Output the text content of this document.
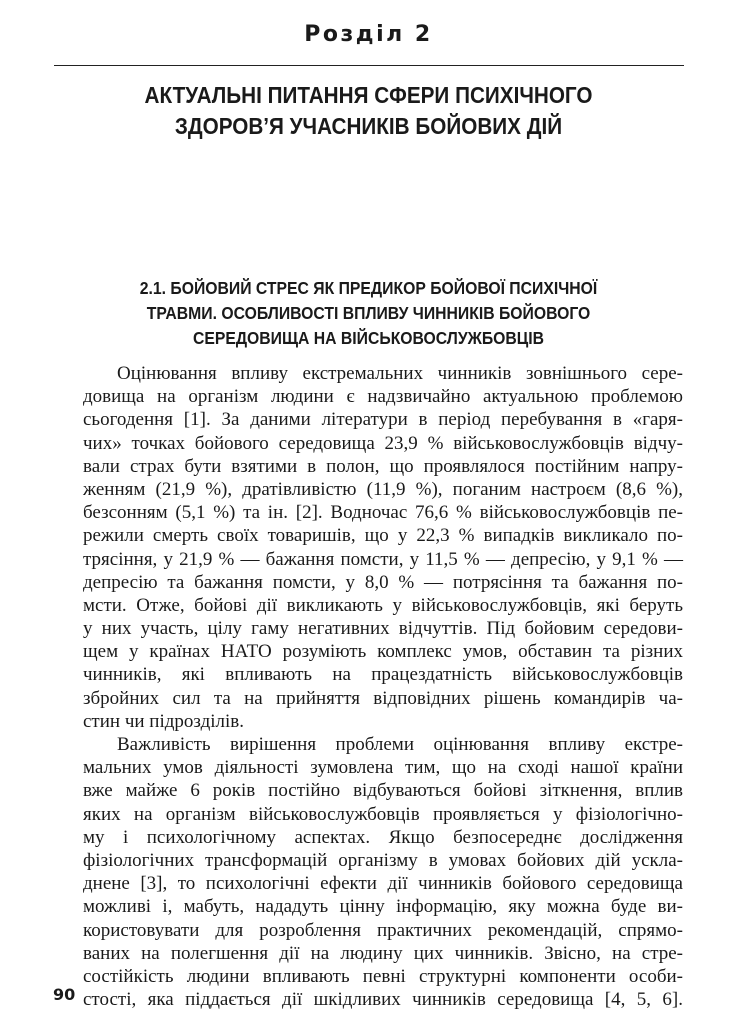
Розділ 2
АКТУАЛЬНІ ПИТАННЯ СФЕРИ ПСИХІЧНОГО
ЗДОРОВ’Я УЧАСНИКІВ БОЙОВИХ ДІЙ
2.1. БОЙОВИЙ СТРЕС ЯК ПРЕДИКОР БОЙОВОЇ ПСИХІЧНОЇ
ТРАВМИ. ОСОБЛИВОСТІ ВПЛИВУ ЧИННИКІВ БОЙОВОГО
СЕРЕДОВИЩА НА ВІЙСЬКОВОСЛУЖБОВЦІВ
Оцінювання впливу екстремальних чинників зовнішнього сере-
довища на організм людини є надзвичайно актуальною проблемою
сьогодення [1]. За даними літератури в період перебування в «гаря-
чих» точках бойового середовища 23,9 % військовослужбовців відчу-
вали страх бути взятими в полон, що проявлялося постійним напру-
женням (21,9 %), дратівливістю (11,9 %), поганим настроєм (8,6 %),
безсонням (5,1 %) та ін. [2]. Водночас 76,6 % військовослужбовців пе-
режили смерть своїх товаришів, що у 22,3 % випадків викликало по-
трясіння, у 21,9 % — бажання помсти, у 11,5 % — депресію, у 9,1 % —
депресію та бажання помсти, у 8,0 % — потрясіння та бажання по-
мсти. Отже, бойові дії викликають у військовослужбовців, які беруть
у них участь, цілу гаму негативних відчуттів. Під бойовим середови-
щем у країнах НАТО розуміють комплекс умов, обставин та різних
чинників, які впливають на працездатність військовослужбовців
збройних сил та на прийняття відповідних рішень командирів ча-
стин чи підрозділів.
Важливість вирішення проблеми оцінювання впливу екстре-
мальних умов діяльності зумовлена тим, що на сході нашої країни
вже майже 6 років постійно відбуваються бойові зіткнення, вплив
яких на організм військовослужбовців проявляється у фізіологічно-
му і психологічному аспектах. Якщо безпосереднє дослідження
фізіологічних трансформацій організму в умовах бойових дій ускла-
днене [3], то психологічні ефекти дії чинників бойового середовища
можливі і, мабуть, нададуть цінну інформацію, яку можна буде ви-
користовувати для розроблення практичних рекомендацій, спрямо-
ваних на полегшення дії на людину цих чинників. Звісно, на стре-
состійкість людини впливають певні структурні компоненти особи-
стості, яка піддається дії шкідливих чинників середовища [4, 5, 6].
90
